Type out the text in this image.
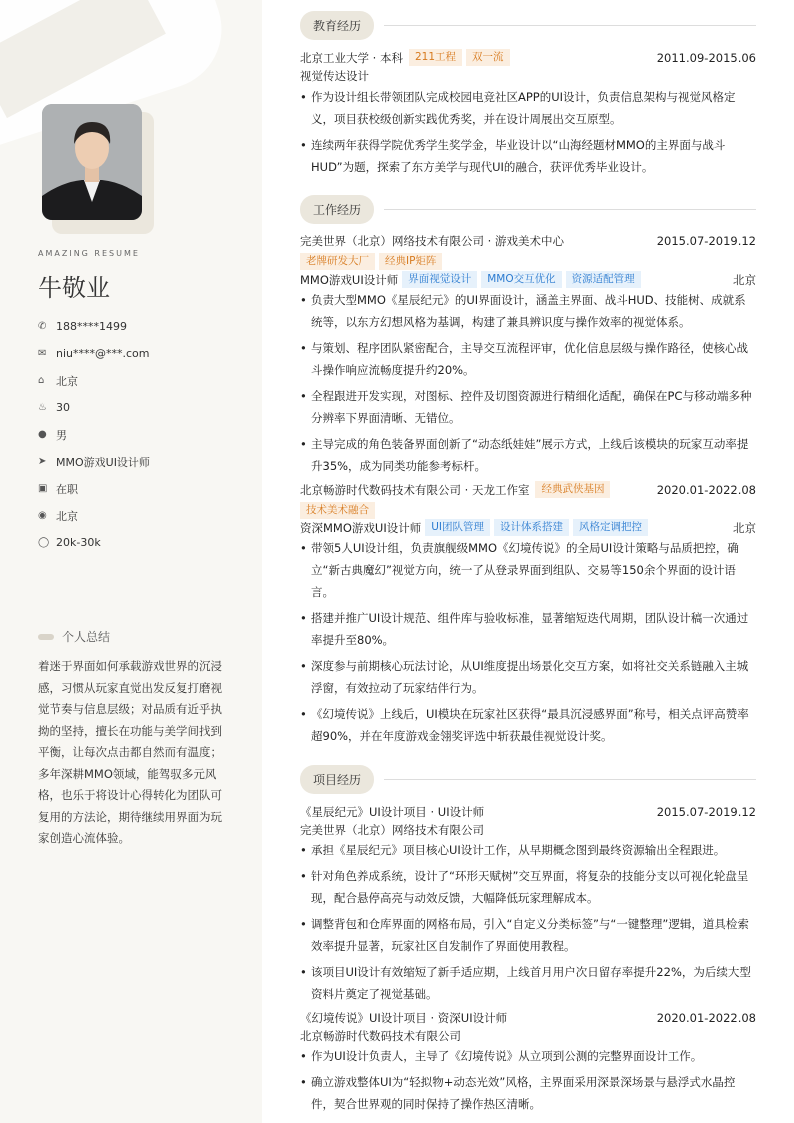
AMAZING RESUME
牛敬业
✆ 188****1499
✉ niu****@***.com
⌂	北京
♨ 30
● 男
➤ MMO游戏UI设计师
▣ 在职
◉ 北京
◯ 20k-30k
个人总结

着迷于界面如何承载游戏世界的沉浸感，习惯从玩家直觉出发反复打磨视觉节奏与信息层级；对品质有近乎执拗的坚持，擅长在功能与美学间找到平衡，让每次点击都自然而有温度；多年深耕MMO领域，能驾驭多元风格，也乐于将设计心得转化为团队可复用的方法论，期待继续用界面为玩家创造心流体验。

教育经历
北京工业大学 · 本科	211工程	双一流	2011.09-2015.06
视觉传达设计
• 作为设计组长带领团队完成校园电竞社区APP的UI设计，负责信息架构与视觉风格定义，项目获校级创新实践优秀奖，并在设计周展出交互原型。
• 连续两年获得学院优秀学生奖学金，毕业设计以“山海经题材MMO的主界面与战斗HUD”为题，探索了东方美学与现代UI的融合，获评优秀毕业设计。
工作经历
完美世界（北京）网络技术有限公司 · 游戏美术中心	2015.07-2019.12
老牌研发大厂	经典IP矩阵
MMO游戏UI设计师 界面视觉设计	MMO交互优化	资源适配管理	北京
• 负责大型MMO《星辰纪元》的UI界面设计，涵盖主界面、战斗HUD、技能树、成就系统等，以东方幻想风格为基调，构建了兼具辨识度与操作效率的视觉体系。
• 与策划、程序团队紧密配合，主导交互流程评审，优化信息层级与操作路径，使核心战斗操作响应流畅度提升约20%。
• 全程跟进开发实现，对图标、控件及切图资源进行精细化适配，确保在PC与移动端多种分辨率下界面清晰、无错位。
• 主导完成的角色装备界面创新了“动态纸娃娃”展示方式，上线后该模块的玩家互动率提升35%，成为同类功能参考标杆。
北京畅游时代数码技术有限公司 · 天龙工作室	经典武侠基因	2020.01-2022.08
技术美术融合
资深MMO游戏UI设计师 UI团队管理	设计体系搭建	风格定调把控	北京
• 带领5人UI设计组，负责旗舰级MMO《幻境传说》的全局UI设计策略与品质把控，确立“新古典魔幻”视觉方向，统一了从登录界面到组队、交易等150余个界面的设计语言。
• 搭建并推广UI设计规范、组件库与验收标准，显著缩短迭代周期，团队设计稿一次通过率提升至80%。
• 深度参与前期核心玩法讨论，从UI维度提出场景化交互方案，如将社交关系链融入主城浮窗，有效拉动了玩家结伴行为。
• 《幻境传说》上线后，UI模块在玩家社区获得“最具沉浸感界面”称号，相关点评高赞率超90%，并在年度游戏金翎奖评选中斩获最佳视觉设计奖。
项目经历
《星辰纪元》UI设计项目 · UI设计师	2015.07-2019.12
完美世界（北京）网络技术有限公司
• 承担《星辰纪元》项目核心UI设计工作，从早期概念图到最终资源输出全程跟进。
• 针对角色养成系统，设计了“环形天赋树”交互界面，将复杂的技能分支以可视化轮盘呈现，配合悬停高亮与动效反馈，大幅降低玩家理解成本。
• 调整背包和仓库界面的网格布局，引入“自定义分类标签”与“一键整理”逻辑，道具检索效率提升显著，玩家社区自发制作了界面使用教程。
• 该项目UI设计有效缩短了新手适应期，上线首月用户次日留存率提升22%，为后续大型资料片奠定了视觉基础。
《幻境传说》UI设计项目 · 资深UI设计师	2020.01-2022.08
北京畅游时代数码技术有限公司
• 作为UI设计负责人，主导了《幻境传说》从立项到公测的完整界面设计工作。
• 确立游戏整体UI为“轻拟物+动态光效”风格，主界面采用深景深场景与悬浮式水晶控件，契合世界观的同时保持了操作热区清晰。
